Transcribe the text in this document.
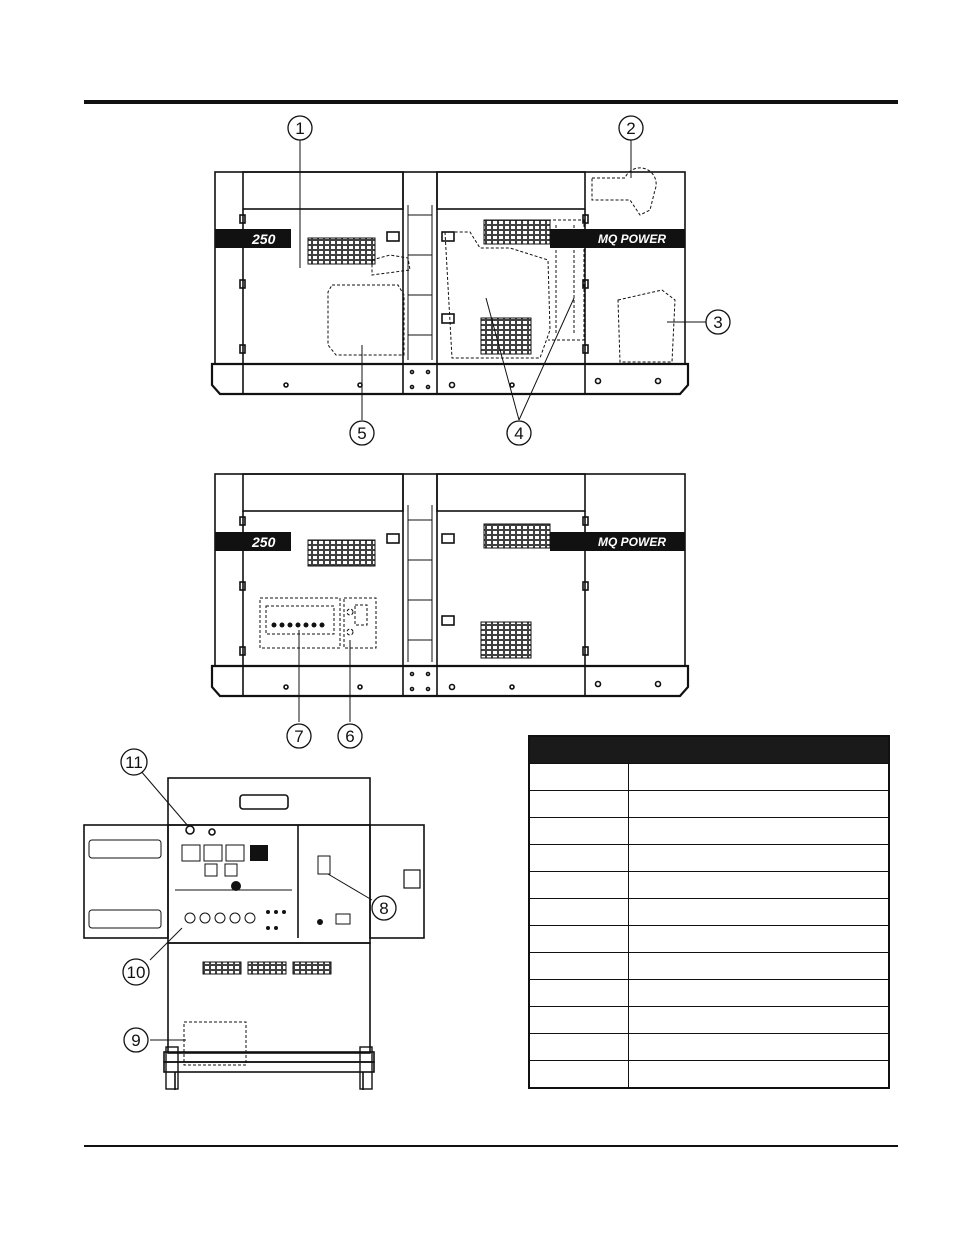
250	MQ POWER
250	MQ POWER
1	2
3
4
5
6
7
8
9
10
11
